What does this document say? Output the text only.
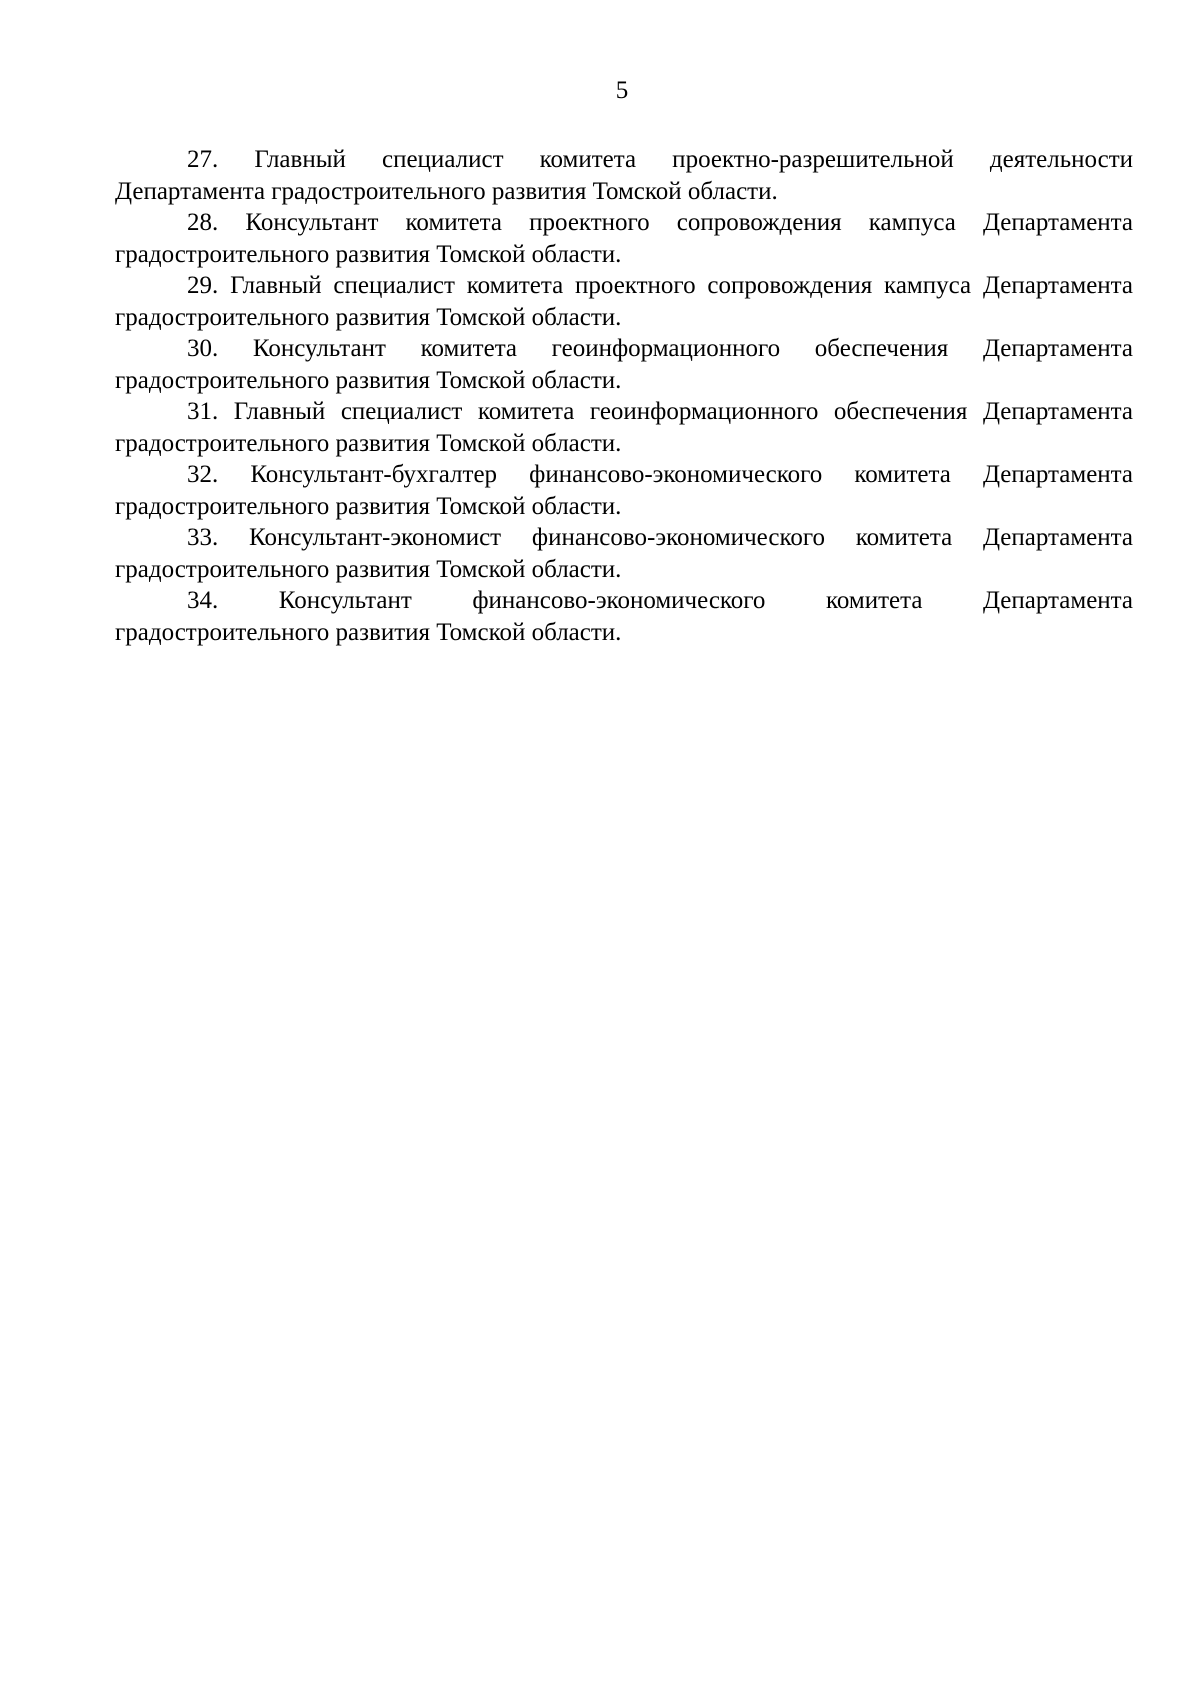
5

27. Главный специалист комитета проектно-разрешительной деятельности Департамента градостроительного развития Томской области.

28. Консультант комитета проектного сопровождения кампуса Департамента градостроительного развития Томской области.

29. Главный специалист комитета проектного сопровождения кампуса Департамента градостроительного развития Томской области.

30. Консультант комитета геоинформационного обеспечения Департамента градостроительного развития Томской области.

31. Главный специалист комитета геоинформационного обеспечения Департамента градостроительного развития Томской области.

32. Консультант-бухгалтер финансово-экономического комитета Департамента градостроительного развития Томской области.

33. Консультант-экономист финансово-экономического комитета Департамента градостроительного развития Томской области.

34. Консультант финансово-экономического комитета Департамента градостроительного развития Томской области.
